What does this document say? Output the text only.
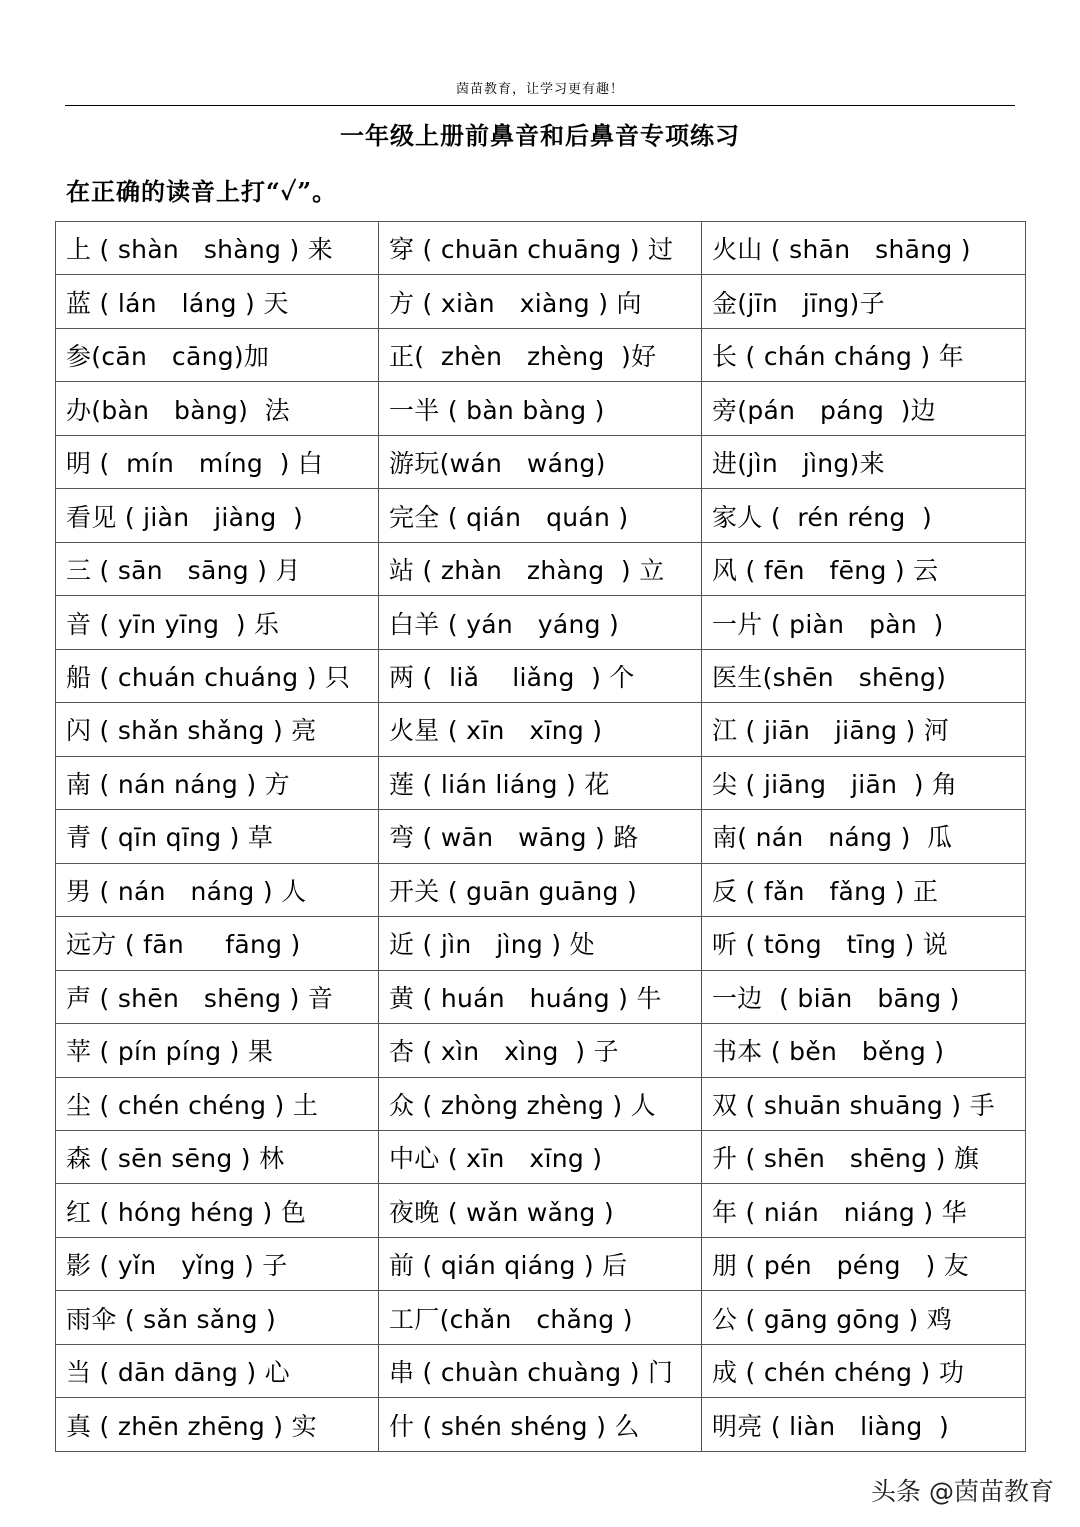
茵苗教育，让学习更有趣！
一年级上册前鼻音和后鼻音专项练习
在正确的读音上打“✓”。
上 ( shàn   shàng ) 来	穿 ( chuān chuāng ) 过	火山 ( shān   shāng )
蓝 ( lán   láng ) 天	方 ( xiàn   xiàng ) 向	金(jīn   jīng)子
参(cān   cāng)加	正(  zhèn   zhèng  )好	长 ( chán cháng ) 年
办(bàn   bàng)  法	一半 ( bàn bàng )	旁(pán   páng  )边
明 (  mín   míng  ) 白	游玩(wán   wáng)	进(jìn   jìng)来
看见 ( jiàn   jiàng  )	完全 ( qián   quán )	家人 (  rén réng  )
三 ( sān   sāng ) 月	站 ( zhàn   zhàng  ) 立	风 ( fēn   fēng ) 云
音 ( yīn yīng  ) 乐	白羊 ( yán   yáng )	一片 ( piàn   pàn  )
船 ( chuán chuáng ) 只	两 (  liǎ    liǎng  ) 个	医生(shēn   shēng)
闪 ( shǎn shǎng ) 亮	火星 ( xīn   xīng )	江 ( jiān   jiāng ) 河
南 ( nán náng ) 方	莲 ( lián liáng ) 花	尖 ( jiāng   jiān  ) 角
青 ( qīn qīng ) 草	弯 ( wān   wāng ) 路	南( nán   náng )  瓜
男 ( nán   náng ) 人	开关 ( guān guāng )	反 ( fǎn   fǎng ) 正
远方 ( fān     fāng )	近 ( jìn   jìng ) 处	听 ( tōng   tīng ) 说
声 ( shēn   shēng ) 音	黄 ( huán   huáng ) 牛	一边  ( biān   bāng )
苹 ( pín píng ) 果	杏 ( xìn   xìng  ) 子	书本 ( běn   běng )
尘 ( chén chéng ) 土	众 ( zhòng zhèng ) 人	双 ( shuān shuāng ) 手
森 ( sēn sēng ) 林	中心 ( xīn   xīng )	升 ( shēn   shēng ) 旗
红 ( hóng héng ) 色	夜晚 ( wǎn wǎng )	年 ( nián   niáng ) 华
影 ( yǐn   yǐng ) 子	前 ( qián qiáng ) 后	朋 ( pén   péng   ) 友
雨伞 ( sǎn sǎng )	工厂(chǎn   chǎng )	公 ( gāng gōng ) 鸡
当 ( dān dāng ) 心	串 ( chuàn chuàng ) 门	成 ( chén chéng ) 功
真 ( zhēn zhēng ) 实	什 ( shén shéng ) 么	明亮 ( liàn   liàng  )
头条 @茵苗教育
